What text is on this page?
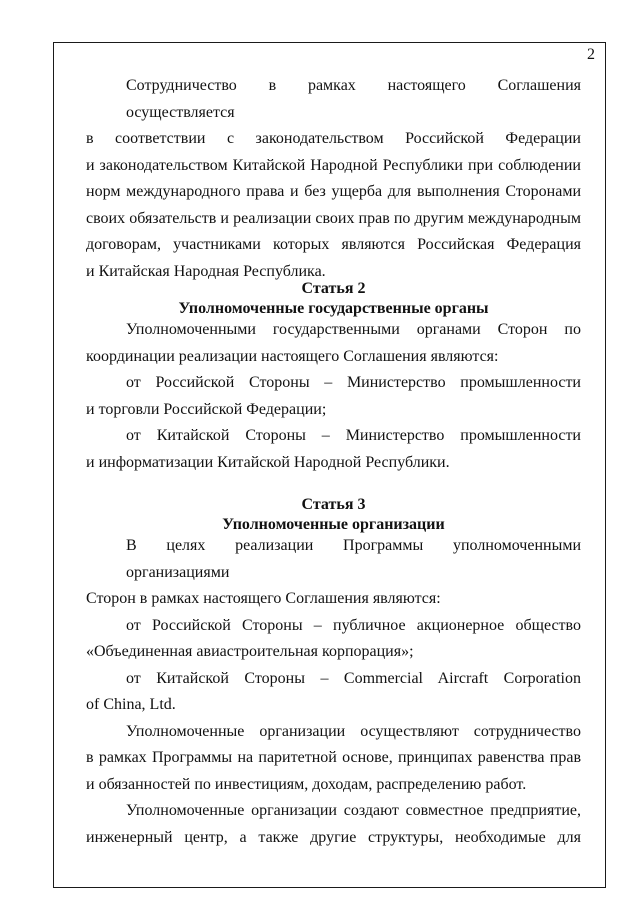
2
Сотрудничество в рамках настоящего Соглашения осуществляется
в соответствии с законодательством Российской Федерации
и законодательством Китайской Народной Республики при соблюдении
норм международного права и без ущерба для выполнения Сторонами
своих обязательств и реализации своих прав по другим международным
договорам, участниками которых являются Российская Федерация
и Китайская Народная Республика.

Статья 2

Уполномоченные государственные органы

Уполномоченными государственными органами Сторон по
координации реализации настоящего Соглашения являются:
от Российской Стороны – Министерство промышленности
и торговли Российской Федерации;
от Китайской Стороны – Министерство промышленности
и информатизации Китайской Народной Республики.

Статья 3

Уполномоченные организации

В целях реализации Программы уполномоченными организациями
Сторон в рамках настоящего Соглашения являются:
от Российской Стороны – публичное акционерное общество
«Объединенная авиастроительная корпорация»;
от Китайской Стороны – Commercial Aircraft Corporation
of China, Ltd.
Уполномоченные организации осуществляют сотрудничество
в рамках Программы на паритетной основе, принципах равенства прав
и обязанностей по инвестициям, доходам, распределению работ.
Уполномоченные организации создают совместное предприятие,
инженерный центр, а также другие структуры, необходимые для
